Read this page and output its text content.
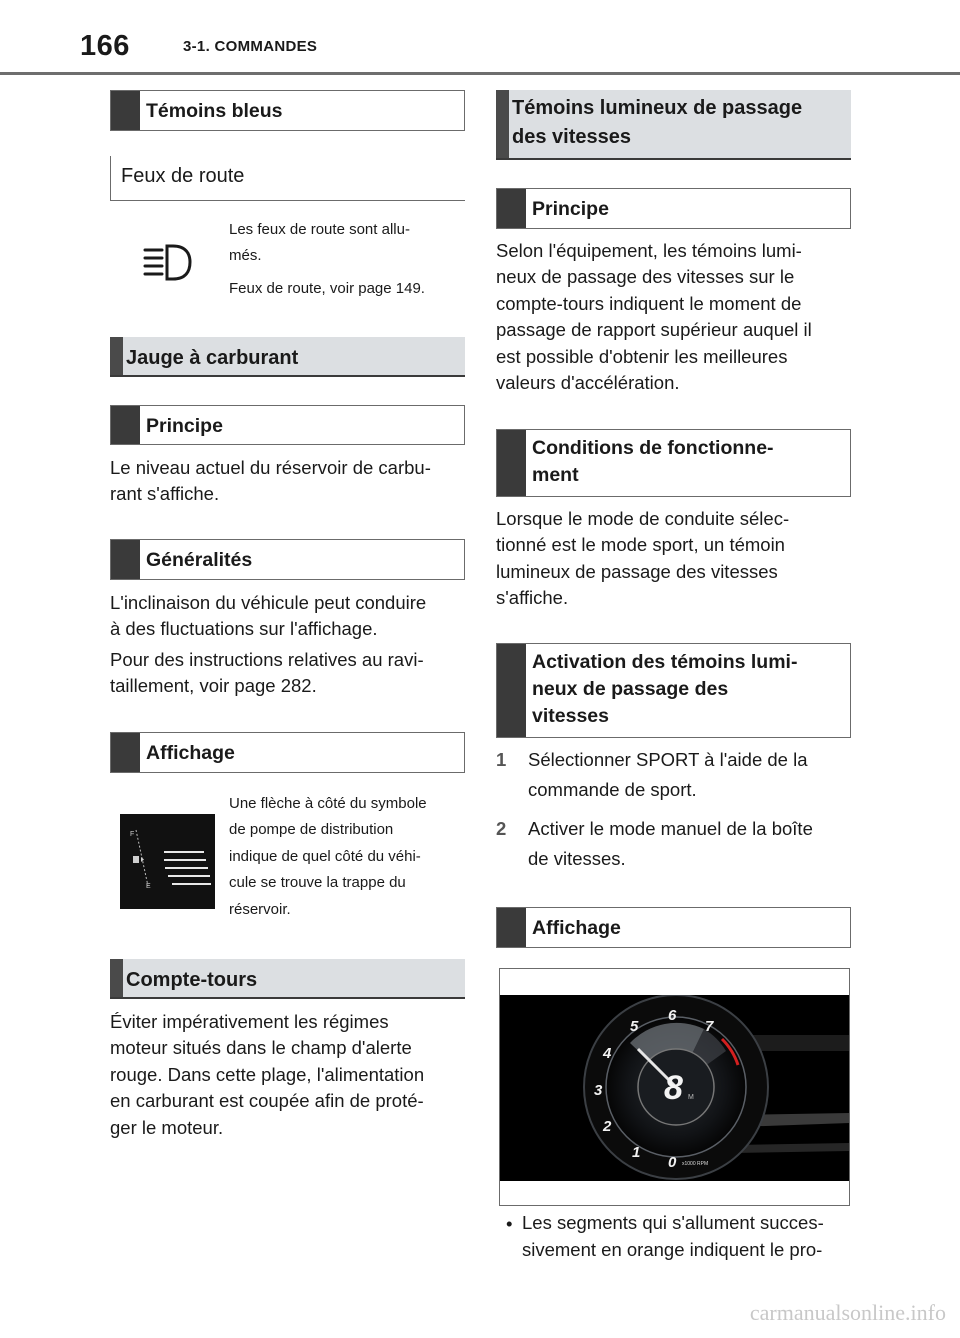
166	3-1. COMMANDES
Témoins bleus
Feux de route
Les feux de route sont allu-
més.
Feux de route, voir page 149.
Jauge à carburant
Principe
Le niveau actuel du réservoir de carbu-
rant s'affiche.
Généralités
L'inclinaison du véhicule peut conduire
à des fluctuations sur l'affichage.
Pour des instructions relatives au ravi-
taillement, voir page 282.
Affichage
F
E
Une flèche à côté du symbole
de pompe de distribution
indique de quel côté du véhi-
cule se trouve la trappe du
réservoir.
Compte-tours
Éviter impérativement les régimes
moteur situés dans le champ d'alerte
rouge. Dans cette plage, l'alimentation
en carburant est coupée afin de proté-
ger le moteur.
Témoins lumineux de passage
des vitesses
Principe
Selon l'équipement, les témoins lumi-
neux de passage des vitesses sur le
compte-tours indiquent le moment de
passage de rapport supérieur auquel il
est possible d'obtenir les meilleures
valeurs d'accélération.
Conditions de fonctionne-
ment
Lorsque le mode de conduite sélec-
tionné est le mode sport, un témoin
lumineux de passage des vitesses
s'affiche.
Activation des témoins lumi-
neux de passage des
vitesses
1 Sélectionner SPORT à l'aide de la
commande de sport.
2 Activer le mode manuel de la boîte
de vitesses.
Affichage
0
1
2
3
4
5
6
7
8 M
x1000 RPM
• Les segments qui s'allument succes-
sivement en orange indiquent le pro-
carmanualsonline.info
